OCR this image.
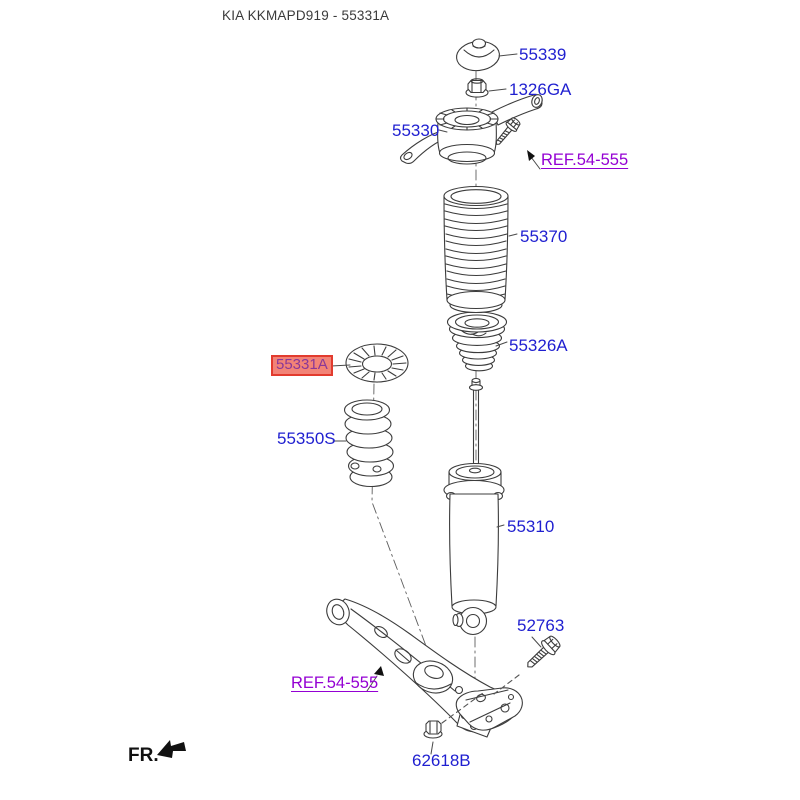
KIA KKMAPD919 - 55331A
55339
1326GA
55330
REF.54-555
55370
55326A
55331A
55350S
55310
52763
REF.54-555
62618B
FR.
